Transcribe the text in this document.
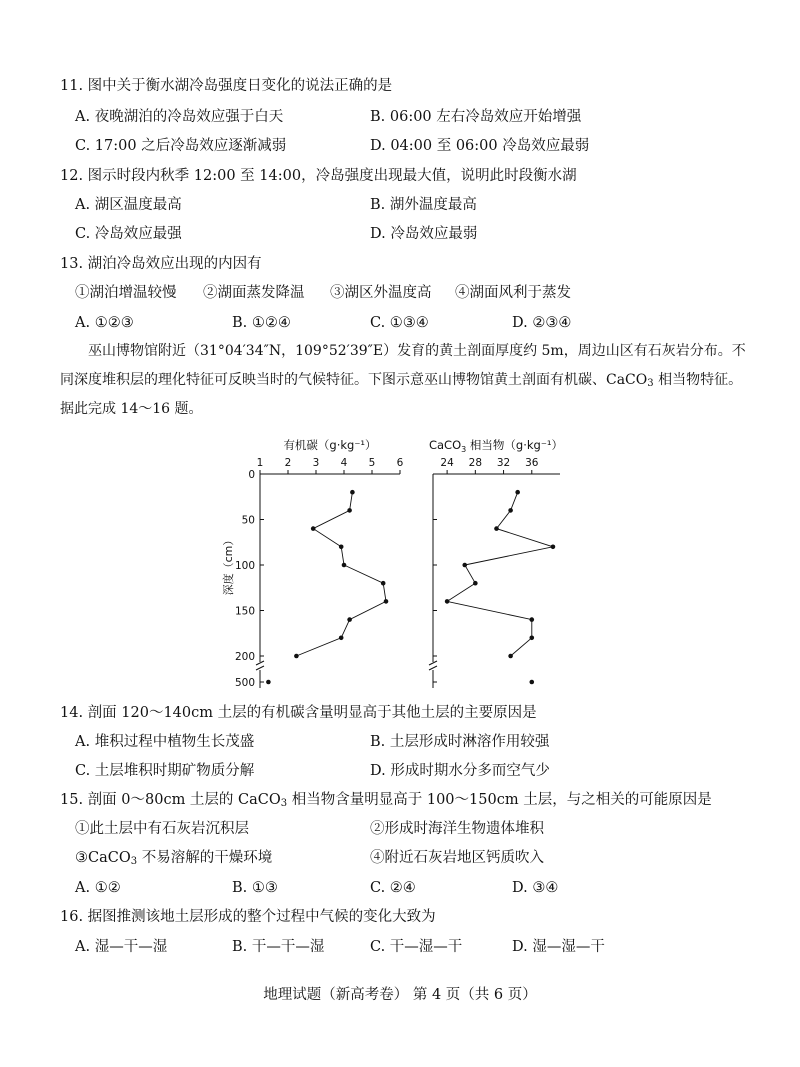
11. 图中关于衡水湖冷岛强度日变化的说法正确的是
A. 夜晚湖泊的冷岛效应强于白天	B. 06:00 左右冷岛效应开始增强
C. 17:00 之后冷岛效应逐渐减弱	D. 04:00 至 06:00 冷岛效应最弱
12. 图示时段内秋季 12:00 至 14:00，冷岛强度出现最大值，说明此时段衡水湖
A. 湖区温度最高	B. 湖外温度最高
C. 冷岛效应最强	D. 冷岛效应最弱
13. 湖泊冷岛效应出现的内因有
①湖泊增温较慢 ②湖面蒸发降温 ③湖区外温度高 ④湖面风利于蒸发
A. ①②③	B. ①②④	C. ①③④	D. ②③④
巫山博物馆附近（31°04′34″N，109°52′39″E）发育的黄土剖面厚度约 5m，周边山区有石灰岩分布。不同深度堆积层的理化特征可反映当时的气候特征。下图示意巫山博物馆黄土剖面有机碳、CaCO$_3$ 相当物特征。据此完成 14～16 题。
1 2 3 4 5 6
0
50
100
150
200
500
有机碳（g·kg⁻¹）
深度（cm）
24 28 32 36
CaCO$_3$ 相当物（g·kg⁻¹）
14. 剖面 120～140cm 土层的有机碳含量明显高于其他土层的主要原因是
A. 堆积过程中植物生长茂盛	B. 土层形成时淋溶作用较强
C. 土层堆积时期矿物质分解	D. 形成时期水分多而空气少
15. 剖面 0～80cm 土层的 CaCO$_3$ 相当物含量明显高于 100～150cm 土层，与之相关的可能原因是
①此土层中有石灰岩沉积层	②形成时海洋生物遗体堆积
③CaCO$_3$ 不易溶解的干燥环境	④附近石灰岩地区钙质吹入
A. ①②	B. ①③	C. ②④	D. ③④
16. 据图推测该地土层形成的整个过程中气候的变化大致为
A. 湿—干—湿	B. 干—干—湿	C. 干—湿—干	D. 湿—湿—干
地理试题（新高考卷） 第 4 页（共 6 页）
